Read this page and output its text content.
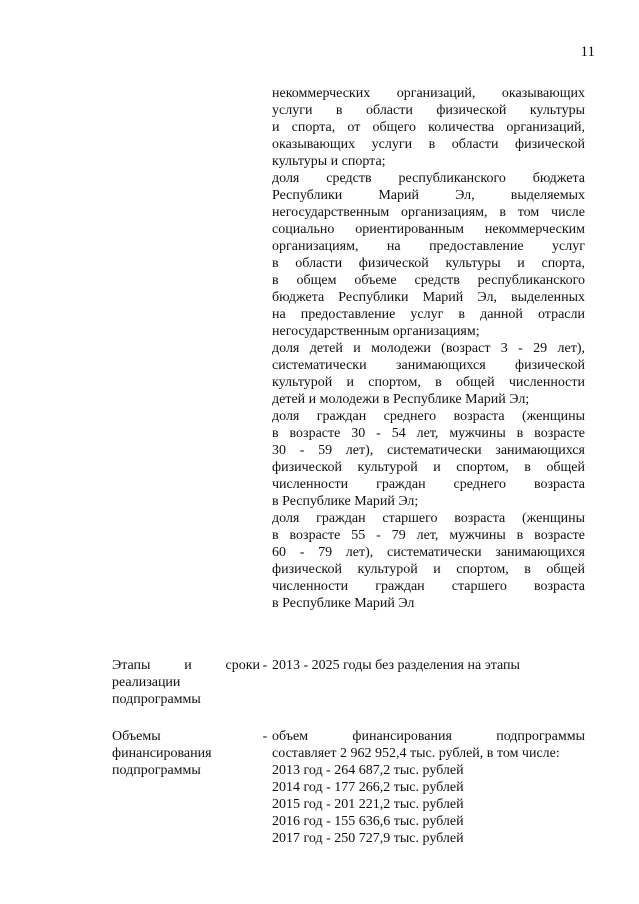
11
некоммерческих организаций, оказывающих
услуги в области физической культуры
и спорта, от общего количества организаций,
оказывающих услуги в области физической
культуры и спорта;
доля средств республиканского бюджета
Республики Марий Эл, выделяемых
негосударственным организациям, в том числе
социально ориентированным некоммерческим
организациям, на предоставление услуг
в области физической культуры и спорта,
в общем объеме средств республиканского
бюджета Республики Марий Эл, выделенных
на предоставление услуг в данной отрасли
негосударственным организациям;
доля детей и молодежи (возраст 3 - 29 лет),
систематически занимающихся физической
культурой и спортом, в общей численности
детей и молодежи в Республике Марий Эл;
доля граждан среднего возраста (женщины
в возрасте 30 - 54 лет, мужчины в возрасте
30 - 59 лет), систематически занимающихся
физической культурой и спортом, в общей
численности граждан среднего возраста
в Республике Марий Эл;
доля граждан старшего возраста (женщины
в возрасте 55 - 79 лет, мужчины в возрасте
60 - 79 лет), систематически занимающихся
физической культурой и спортом, в общей
численности граждан старшего возраста
в Республике Марий Эл
Этапы и сроки
реализации
подпрограммы
- 2013 - 2025 годы без разделения на этапы
Объемы
финансирования
подпрограммы
- объем финансирования подпрограммы
составляет 2 962 952,4 тыс. рублей, в том числе:
2013 год - 264 687,2 тыс. рублей
2014 год - 177 266,2 тыс. рублей
2015 год - 201 221,2 тыс. рублей
2016 год - 155 636,6 тыс. рублей
2017 год - 250 727,9 тыс. рублей
